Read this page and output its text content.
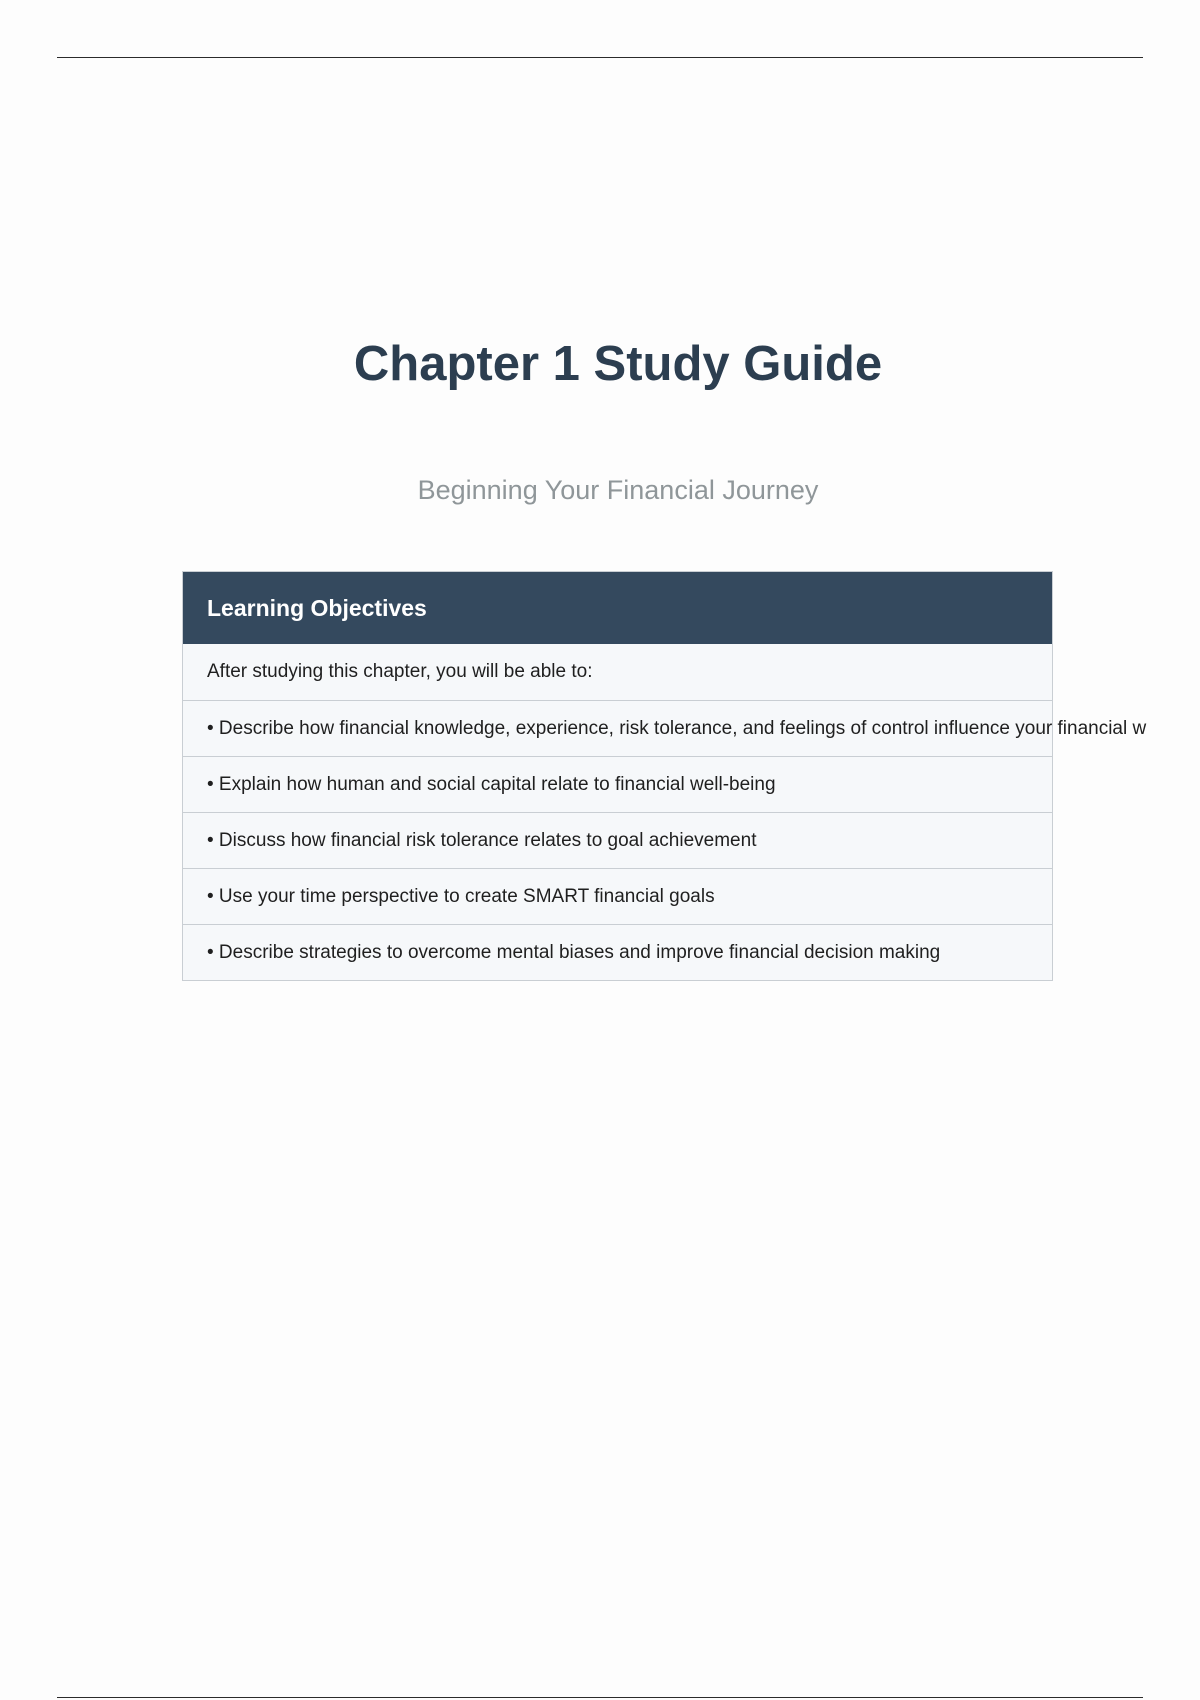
Chapter 1 Study Guide
Beginning Your Financial Journey
Learning Objectives
After studying this chapter, you will be able to:
• Describe how financial knowledge, experience, risk tolerance, and feelings of control influence your financial w
• Explain how human and social capital relate to financial well-being
• Discuss how financial risk tolerance relates to goal achievement
• Use your time perspective to create SMART financial goals
• Describe strategies to overcome mental biases and improve financial decision making
